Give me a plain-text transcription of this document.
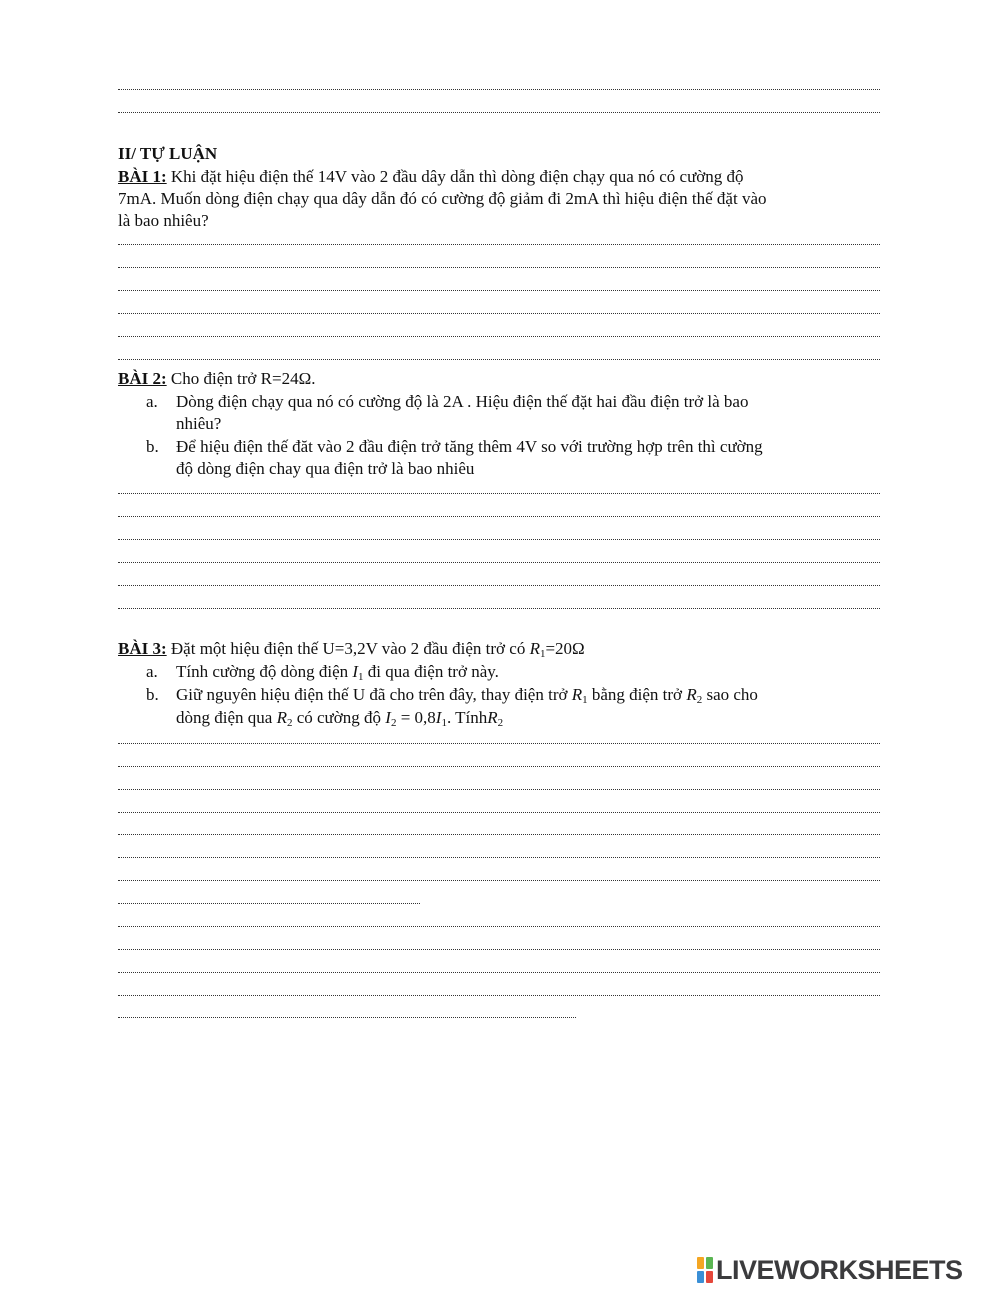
II/ TỰ LUẬN
BÀI 1: Khi đặt hiệu điện thế 14V vào 2 đầu dây dẫn thì dòng điện chạy qua nó có cường độ
7mA. Muốn dòng điện chạy qua dây dẫn đó có cường độ giảm đi 2mA thì hiệu điện thế đặt vào
là bao nhiêu?
BÀI 2: Cho điện trở R=24Ω.
a. Dòng điện chạy qua nó có cường độ là 2A . Hiệu điện thế đặt hai đầu điện trở là bao
nhiêu?
b. Để hiệu điện thế đăt vào 2 đầu điện trở tăng thêm 4V so với trường hợp trên thì cường
độ dòng điện chay qua điện trở là bao nhiêu
BÀI 3: Đặt một hiệu điện thế U=3,2V vào 2 đầu điện trở có $R_1=20\Omega$
a. Tính cường độ dòng điện $I_1$ đi qua điện trở này.
b. Giữ nguyên hiệu điện thế U đã cho trên đây, thay điện trở $R_1$ bằng điện trở $R_2$ sao cho
dòng điện qua $R_2$ có cường độ $I_2 = 0,8I_1$. TínhR$_2$
LIVEWORKSHEETS
